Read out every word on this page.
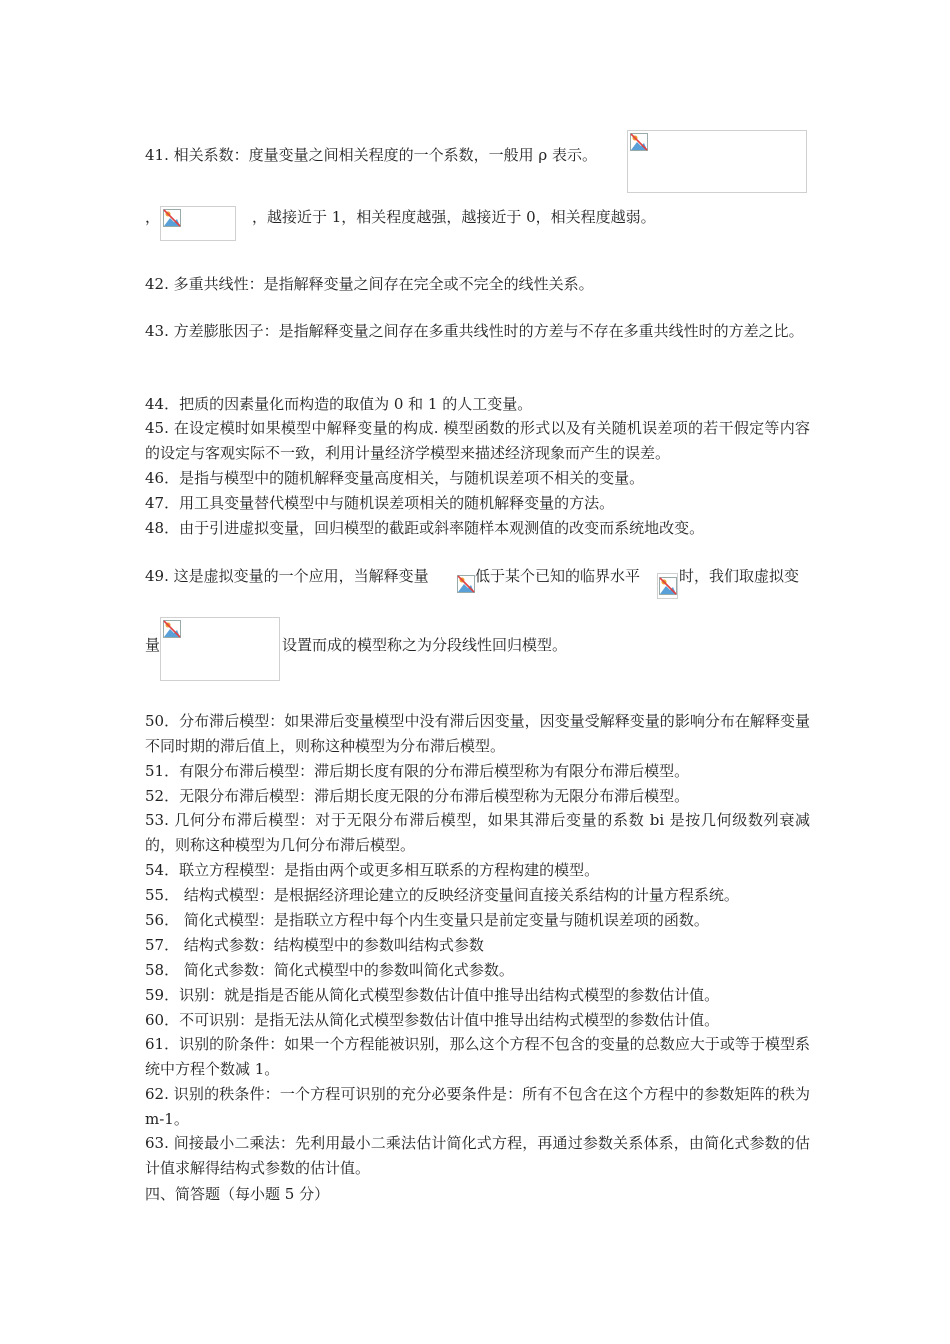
41. 相关系数：度量变量之间相关程度的一个系数，一般用 ρ 表示。
，	，越接近于 1，相关程度越强，越接近于 0，相关程度越弱。
42. 多重共线性：是指解释变量之间存在完全或不完全的线性关系。
43. 方差膨胀因子：是指解释变量之间存在多重共线性时的方差与不存在多重共线性时的方差之比。
44．把质的因素量化而构造的取值为 0 和 1 的人工变量。
45. 在设定模时如果模型中解释变量的构成. 模型函数的形式以及有关随机误差项的若干假定等内容的设定与客观实际不一致，利用计量经济学模型来描述经济现象而产生的误差。
46．是指与模型中的随机解释变量高度相关，与随机误差项不相关的变量。
47．用工具变量替代模型中与随机误差项相关的随机解释变量的方法。
48．由于引进虚拟变量，回归模型的截距或斜率随样本观测值的改变而系统地改变。
49. 这是虚拟变量的一个应用，当解释变量	低于某个已知的临界水平	时，我们取虚拟变
量	设置而成的模型称之为分段线性回归模型。
50．分布滞后模型：如果滞后变量模型中没有滞后因变量，因变量受解释变量的影响分布在解释变量不同时期的滞后值上，则称这种模型为分布滞后模型。
51．有限分布滞后模型：滞后期长度有限的分布滞后模型称为有限分布滞后模型。
52．无限分布滞后模型：滞后期长度无限的分布滞后模型称为无限分布滞后模型。
53. 几何分布滞后模型：对于无限分布滞后模型，如果其滞后变量的系数 bi 是按几何级数列衰减的，则称这种模型为几何分布滞后模型。
54．联立方程模型：是指由两个或更多相互联系的方程构建的模型。
55． 结构式模型：是根据经济理论建立的反映经济变量间直接关系结构的计量方程系统。
56． 简化式模型：是指联立方程中每个内生变量只是前定变量与随机误差项的函数。
57． 结构式参数：结构模型中的参数叫结构式参数
58． 简化式参数：简化式模型中的参数叫简化式参数。
59．识别：就是指是否能从简化式模型参数估计值中推导出结构式模型的参数估计值。
60．不可识别：是指无法从简化式模型参数估计值中推导出结构式模型的参数估计值。
61．识别的阶条件：如果一个方程能被识别，那么这个方程不包含的变量的总数应大于或等于模型系统中方程个数减 1。
62. 识别的秩条件：一个方程可识别的充分必要条件是：所有不包含在这个方程中的参数矩阵的秩为 m-1。
63. 间接最小二乘法：先利用最小二乘法估计简化式方程，再通过参数关系体系，由简化式参数的估计值求解得结构式参数的估计值。
四、简答题（每小题 5 分）
